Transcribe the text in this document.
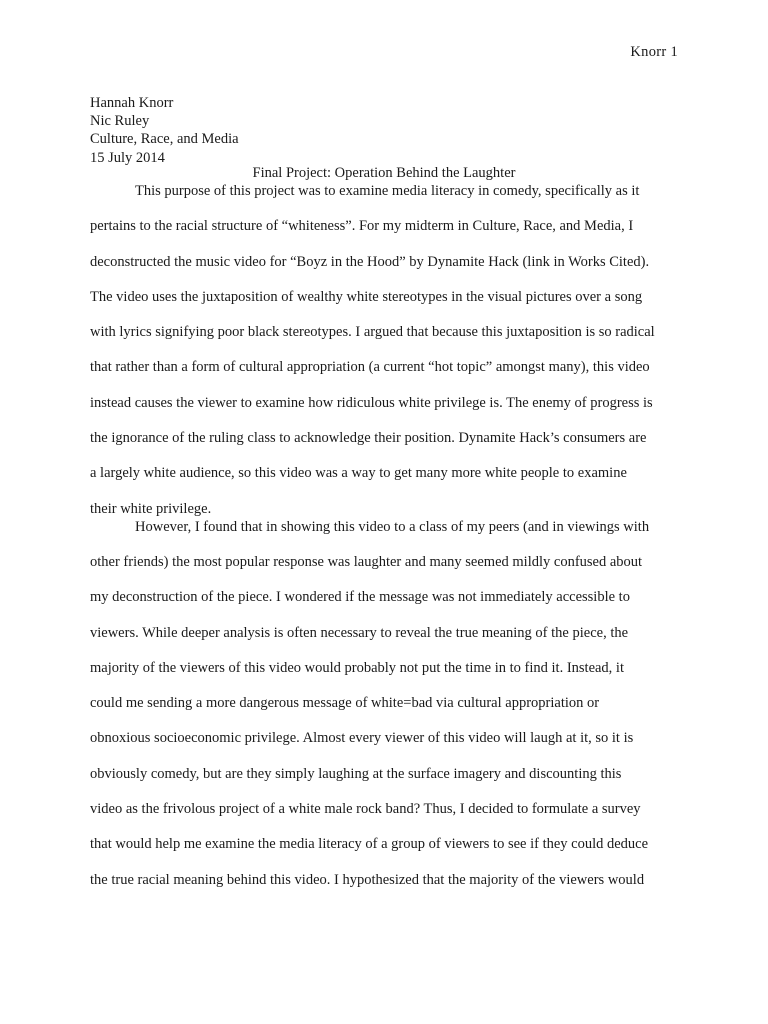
Knorr 1
Hannah Knorr
Nic Ruley
Culture, Race, and Media
15 July 2014
Final Project: Operation Behind the Laughter
This purpose of this project was to examine media literacy in comedy, specifically as it
pertains to the racial structure of “whiteness”. For my midterm in Culture, Race, and Media, I
deconstructed the music video for “Boyz in the Hood” by Dynamite Hack (link in Works Cited).
The video uses the juxtaposition of wealthy white stereotypes in the visual pictures over a song
with lyrics signifying poor black stereotypes. I argued that because this juxtaposition is so radical
that rather than a form of cultural appropriation (a current “hot topic” amongst many), this video
instead causes the viewer to examine how ridiculous white privilege is. The enemy of progress is
the ignorance of the ruling class to acknowledge their position. Dynamite Hack’s consumers are
a largely white audience, so this video was a way to get many more white people to examine
their white privilege.
However, I found that in showing this video to a class of my peers (and in viewings with
other friends) the most popular response was laughter and many seemed mildly confused about
my deconstruction of the piece. I wondered if the message was not immediately accessible to
viewers. While deeper analysis is often necessary to reveal the true meaning of the piece, the
majority of the viewers of this video would probably not put the time in to find it. Instead, it
could me sending a more dangerous message of white=bad via cultural appropriation or
obnoxious socioeconomic privilege. Almost every viewer of this video will laugh at it, so it is
obviously comedy, but are they simply laughing at the surface imagery and discounting this
video as the frivolous project of a white male rock band? Thus, I decided to formulate a survey
that would help me examine the media literacy of a group of viewers to see if they could deduce
the true racial meaning behind this video. I hypothesized that the majority of the viewers would
